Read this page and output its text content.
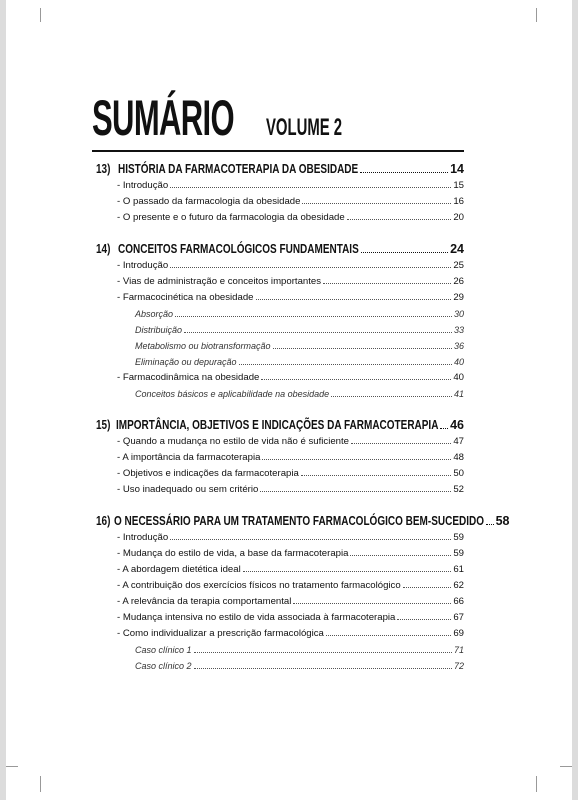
SUMÁRIO VOLUME 2
13) HISTÓRIA DA FARMACOTERAPIA DA OBESIDADE	14
- Introdução	15
- O passado da farmacologia da obesidade	16
- O presente e o futuro da farmacologia da obesidade	20
14) CONCEITOS FARMACOLÓGICOS FUNDAMENTAIS	24
- Introdução	25
- Vias de administração e conceitos importantes	26
- Farmacocinética na obesidade	29
Absorção	30
Distribuição	33
Metabolismo ou biotransformação	36
Eliminação ou depuração	40
- Farmacodinâmica na obesidade	40
Conceitos básicos e aplicabilidade na obesidade	41
15) IMPORTÂNCIA, OBJETIVOS E INDICAÇÕES DA FARMACOTERAPIA 46
- Quando a mudança no estilo de vida não é suficiente	47
- A importância da farmacoterapia	48
- Objetivos e indicações da farmacoterapia	50
- Uso inadequado ou sem critério	52
16) O NECESSÁRIO PARA UM TRATAMENTO FARMACOLÓGICO BEM-SUCEDIDO 58
- Introdução	59
- Mudança do estilo de vida, a base da farmacoterapia	59
- A abordagem dietética ideal	61
- A contribuição dos exercícios físicos no tratamento farmacológico	62
- A relevância da terapia comportamental	66
- Mudança intensiva no estilo de vida associada à farmacoterapia	67
- Como individualizar a prescrição farmacológica	69
Caso clínico 1	71
Caso clínico 2	72
